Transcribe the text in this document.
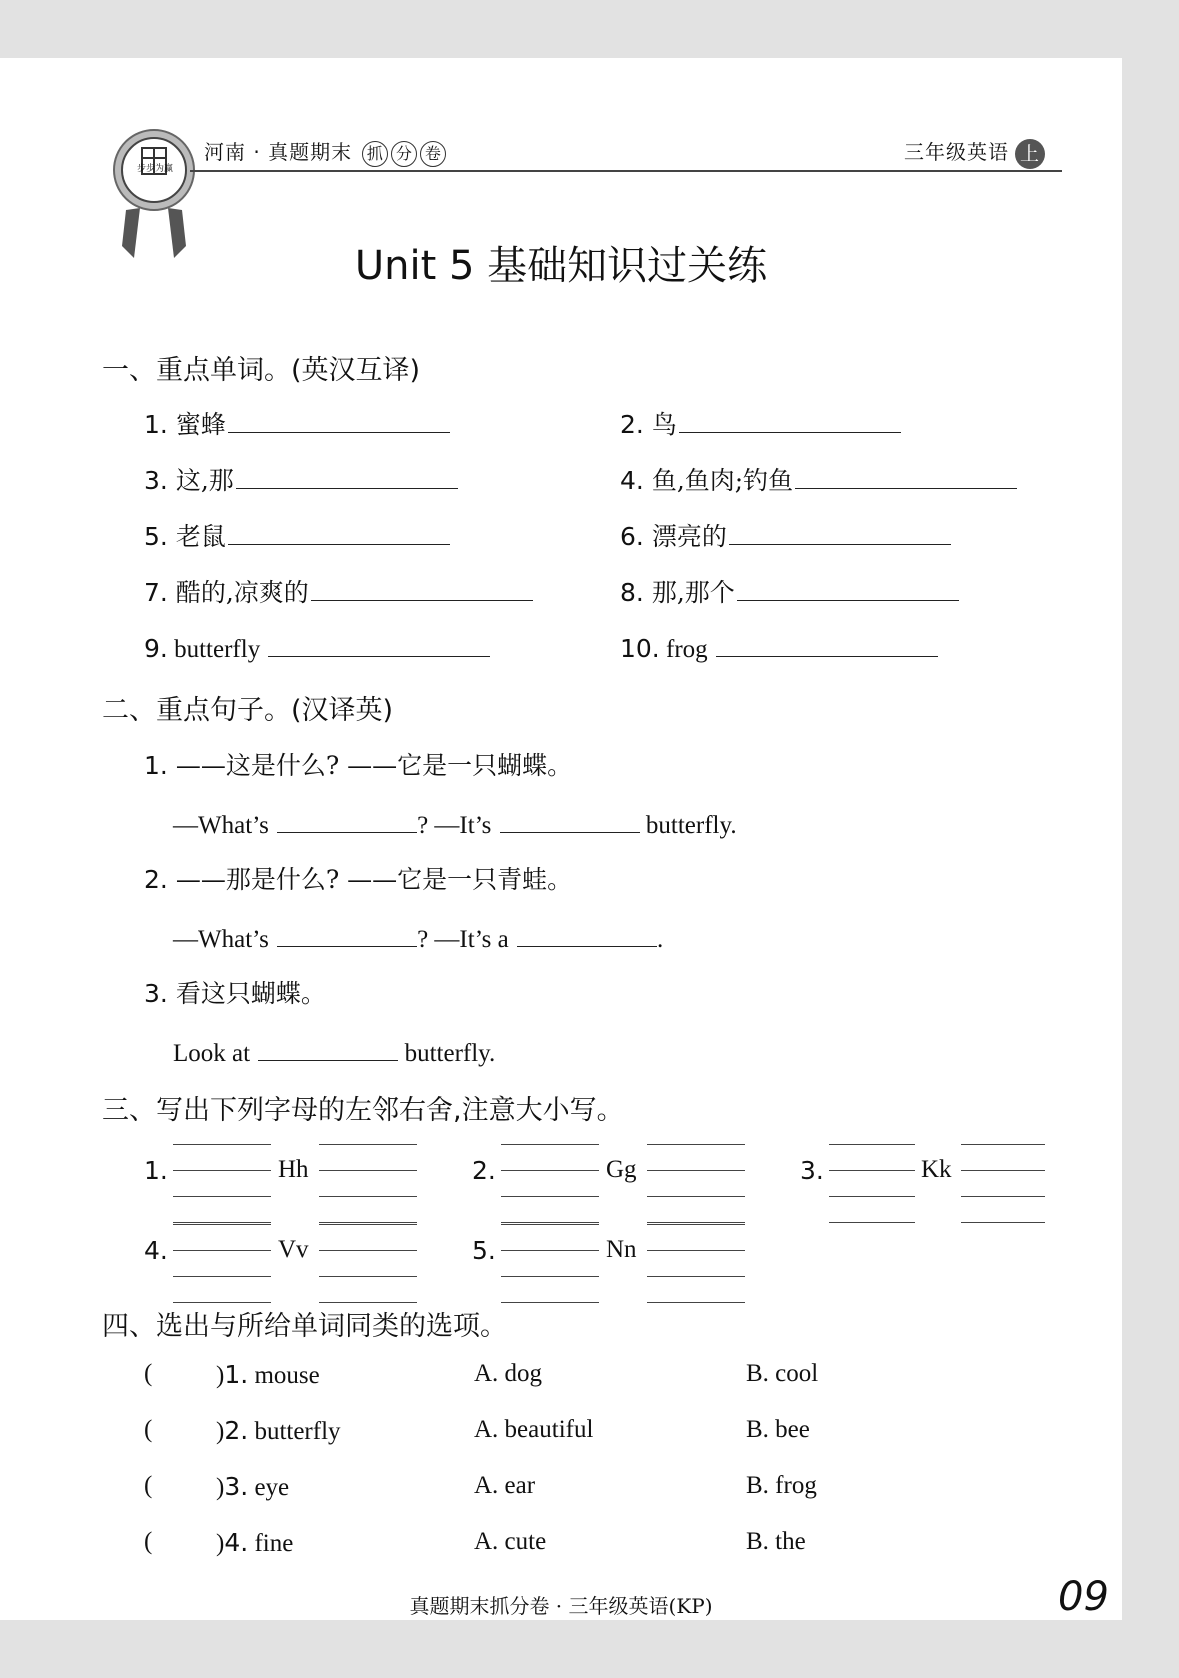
步步为赢
河南 · 真题期末 抓 分 卷	三年级英语 上
Unit 5 基础知识过关练
一、重点单词。(英汉互译)
1. 蜜蜂	2. 鸟
3. 这,那	4. 鱼,鱼肉;钓鱼
5. 老鼠	6. 漂亮的
7. 酷的,凉爽的	8. 那,那个
9. butterfly	10. frog
二、重点句子。(汉译英)
1. ——这是什么? ——它是一只蝴蝶。
—What’s	? —It’s	butterfly.
2. ——那是什么? ——它是一只青蛙。
—What’s	? —It’s a	.
3. 看这只蝴蝶。
Look at	butterfly.
三、写出下列字母的左邻右舍,注意大小写。
1.	Hh	2.	Gg	3.	Kk
4.	Vv	5.	Nn
四、选出与所给单词同类的选项。
(	)1. mouse	A. dog	B. cool
(	)2. butterfly	A. beautiful	B. bee
(	)3. eye	A. ear	B. frog
(	)4. fine	A. cute	B. the
真题期末抓分卷 · 三年级英语(KP)	09
